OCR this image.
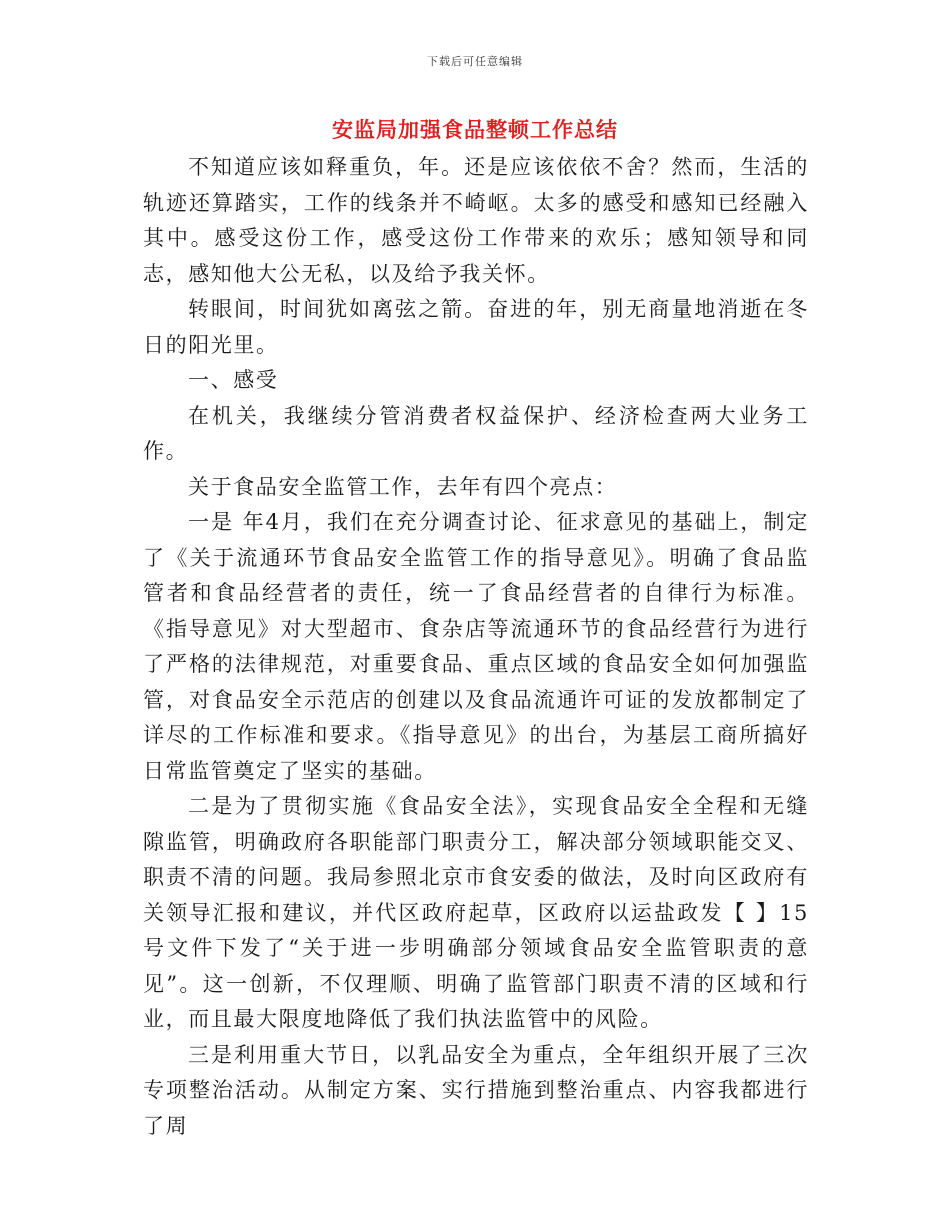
下载后可任意编辑
安监局加强食品整顿工作总结

不知道应该如释重负，年。还是应该依依不舍？然而，生活的轨迹还算踏实，工作的线条并不崎岖。太多的感受和感知已经融入其中。感受这份工作，感受这份工作带来的欢乐；感知领导和同志，感知他大公无私，以及给予我关怀。

转眼间，时间犹如离弦之箭。奋进的年，别无商量地消逝在冬日的阳光里。

一、感受

在机关，我继续分管消费者权益保护、经济检查两大业务工作。

关于食品安全监管工作，去年有四个亮点：

一是 年4月，我们在充分调查讨论、征求意见的基础上，制定了《关于流通环节食品安全监管工作的指导意见》。明确了食品监管者和食品经营者的责任，统一了食品经营者的自律行为标准。《指导意见》对大型超市、食杂店等流通环节的食品经营行为进行了严格的法律规范，对重要食品、重点区域的食品安全如何加强监管，对食品安全示范店的创建以及食品流通许可证的发放都制定了详尽的工作标准和要求。《指导意见》的出台，为基层工商所搞好日常监管奠定了坚实的基础。

二是为了贯彻实施《食品安全法》，实现食品安全全程和无缝隙监管，明确政府各职能部门职责分工，解决部分领域职能交叉、职责不清的问题。我局参照北京市食安委的做法，及时向区政府有关领导汇报和建议，并代区政府起草，区政府以运盐政发【 】15号文件下发了“关于进一步明确部分领域食品安全监管职责的意见”。这一创新，不仅理顺、明确了监管部门职责不清的区域和行业，而且最大限度地降低了我们执法监管中的风险。

三是利用重大节日，以乳品安全为重点，全年组织开展了三次专项整治活动。从制定方案、实行措施到整治重点、内容我都进行了周
